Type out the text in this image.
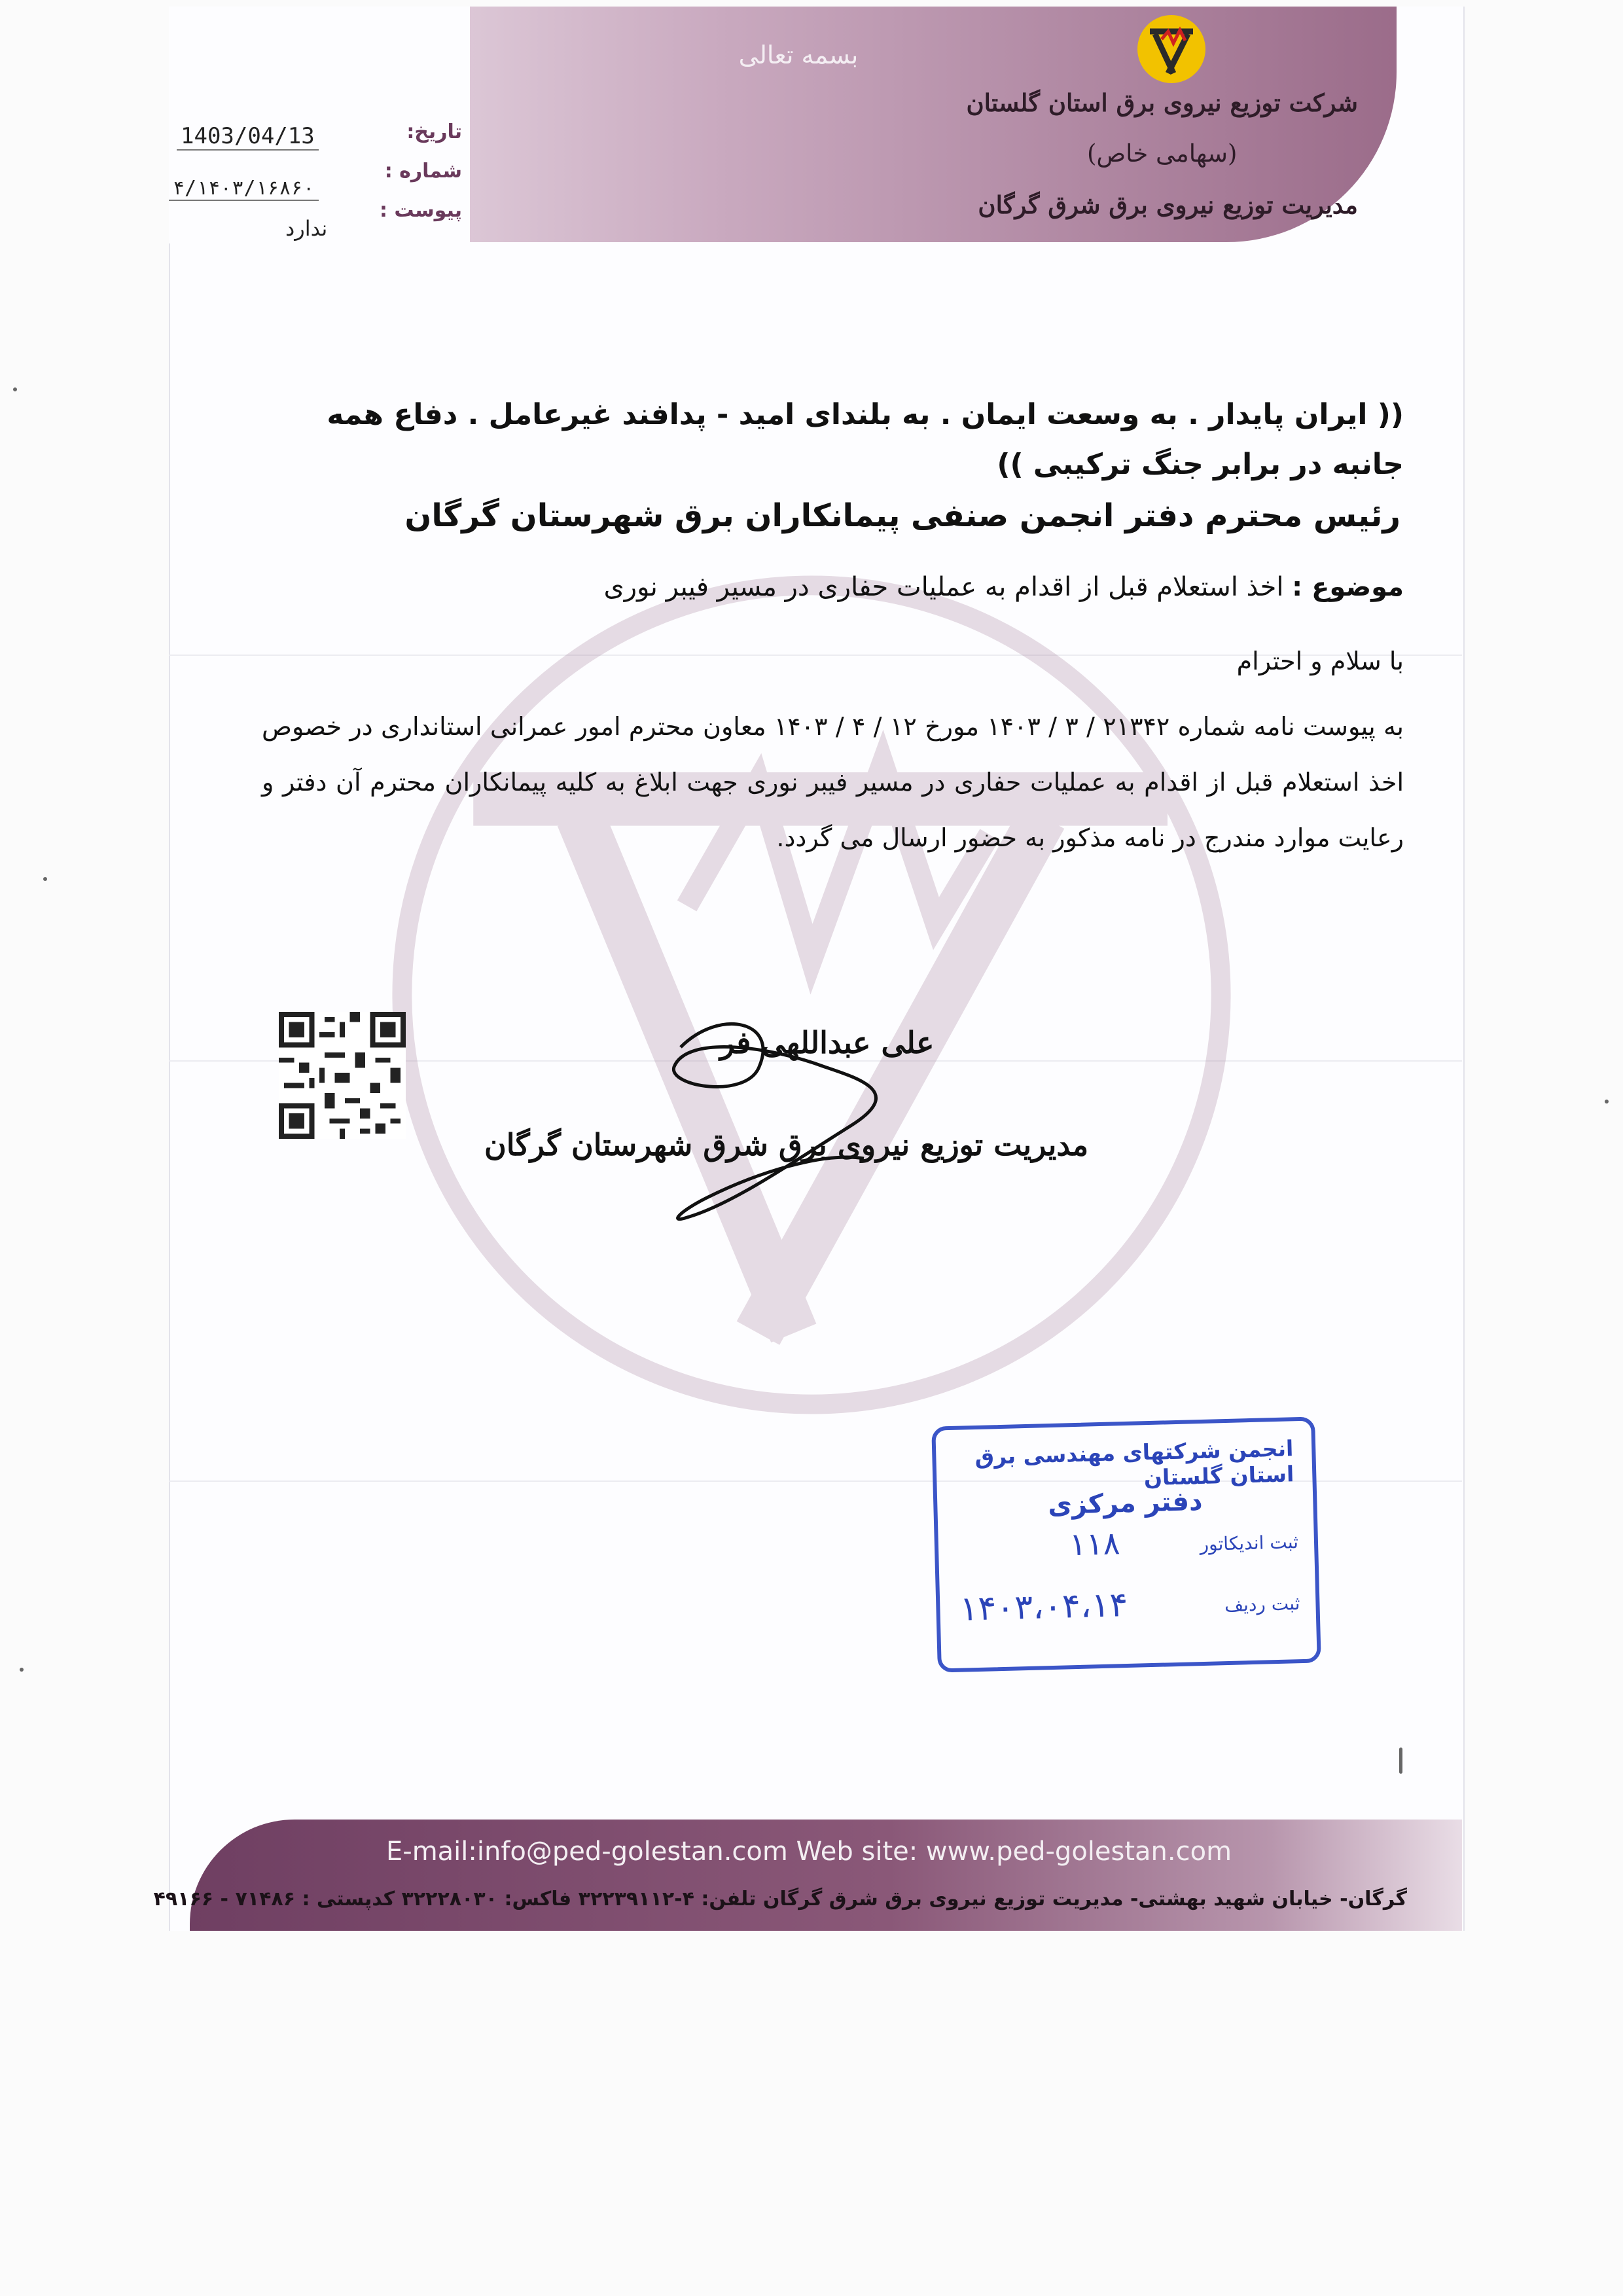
بسمه تعالی
شرکت توزیع نیروی برق استان گلستان
(سهامی خاص)
مدیریت توزیع نیروی برق شرق گرگان
تاریخ:
شماره :
پیوست :
1403/04/13
۴/۱۴۰۳/۱۶۸۶۰
ندارد
(( ایران پایدار . به وسعت ایمان . به بلندای امید - پدافند غیرعامل . دفاع همه جانبه در برابر جنگ ترکیبی ))
رئیس محترم دفتر انجمن صنفی پیمانکاران برق شهرستان گرگان
موضوع : اخذ استعلام قبل از اقدام به عملیات حفاری در مسیر فیبر نوری
با سلام و احترام
به پیوست نامه شماره ۲۱۳۴۲ / ۳ / ۱۴۰۳ مورخ ۱۲ / ۴ / ۱۴۰۳ معاون محترم امور عمرانی استانداری در خصوص اخذ استعلام قبل از اقدام به عملیات حفاری در مسیر فیبر نوری جهت ابلاغ به کلیه پیمانکاران محترم آن دفتر و رعایت موارد مندرج در نامه مذکور به حضور ارسال می گردد.
علی عبداللهی فر
مدیریت توزیع نیروی برق شرق شهرستان گرگان
انجمن شرکتهای مهندسی برق استان گلستان
دفتر مرکزی
ثبت اندیکاتور
۱۱۸
ثبت ردیف
۱۴۰۳،۰۴،۱۴
E-mail:info@ped-golestan.com Web site: www.ped-golestan.com
گرگان- خیابان شهید بهشتی- مدیریت توزیع نیروی برق شرق گرگان تلفن: ۴-۳۲۲۳۹۱۱۲ فاکس: ۳۲۲۲۸۰۳۰ کدپستی : ۷۱۴۸۶ - ۴۹۱۶۶
